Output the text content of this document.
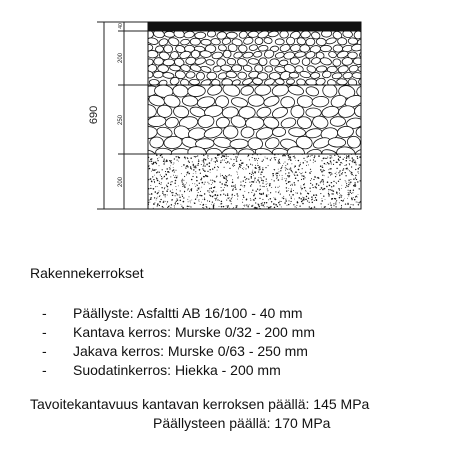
690
40
200
250
200
Rakennekerrokset
- Päällyste: Asfaltti AB 16/100 - 40 mm
- Kantava kerros: Murske 0/32 - 200 mm
- Jakava kerros: Murske 0/63 - 250 mm
- Suodatinkerros: Hiekka - 200 mm
Tavoitekantavuus kantavan kerroksen päällä: 145 MPa
Päällysteen päällä: 170 MPa
